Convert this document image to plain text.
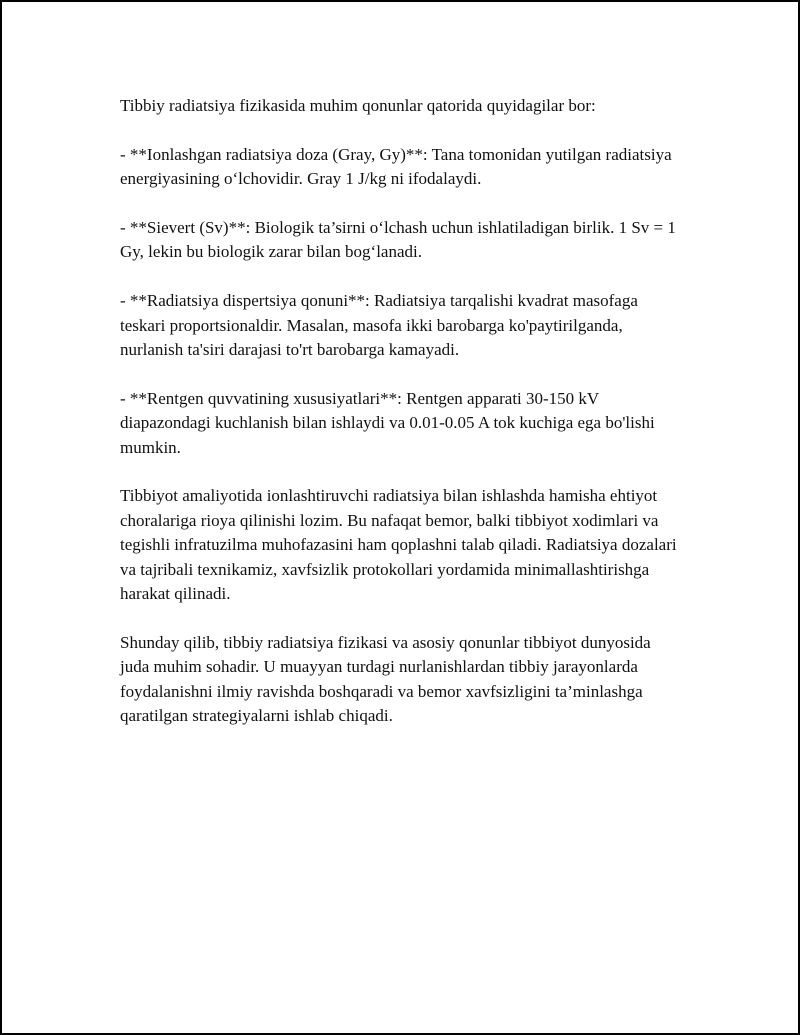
Tibbiy radiatsiya fizikasida muhim qonunlar qatorida quyidagilar bor:

- **Ionlashgan radiatsiya doza (Gray, Gy)**: Tana tomonidan yutilgan radiatsiya energiyasining o‘lchovidir. Gray 1 J/kg ni ifodalaydi.

- **Sievert (Sv)**: Biologik ta’sirni o‘lchash uchun ishlatiladigan birlik. 1 Sv = 1 Gy, lekin bu biologik zarar bilan bog‘lanadi.

- **Radiatsiya dispertsiya qonuni**: Radiatsiya tarqalishi kvadrat masofaga teskari proportsionaldir. Masalan, masofa ikki barobarga ko'paytirilganda, nurlanish ta'siri darajasi to'rt barobarga kamayadi.

- **Rentgen quvvatining xususiyatlari**: Rentgen apparati 30-150 kV diapazondagi kuchlanish bilan ishlaydi va 0.01-0.05 A tok kuchiga ega bo'lishi mumkin.

Tibbiyot amaliyotida ionlashtiruvchi radiatsiya bilan ishlashda hamisha ehtiyot choralariga rioya qilinishi lozim. Bu nafaqat bemor, balki tibbiyot xodimlari va tegishli infratuzilma muhofazasini ham qoplashni talab qiladi. Radiatsiya dozalari va tajribali texnikamiz, xavfsizlik protokollari yordamida minimallashtirishga harakat qilinadi.

Shunday qilib, tibbiy radiatsiya fizikasi va asosiy qonunlar tibbiyot dunyosida juda muhim sohadir. U muayyan turdagi nurlanishlardan tibbiy jarayonlarda foydalanishni ilmiy ravishda boshqaradi va bemor xavfsizligini ta’minlashga qaratilgan strategiyalarni ishlab chiqadi.
